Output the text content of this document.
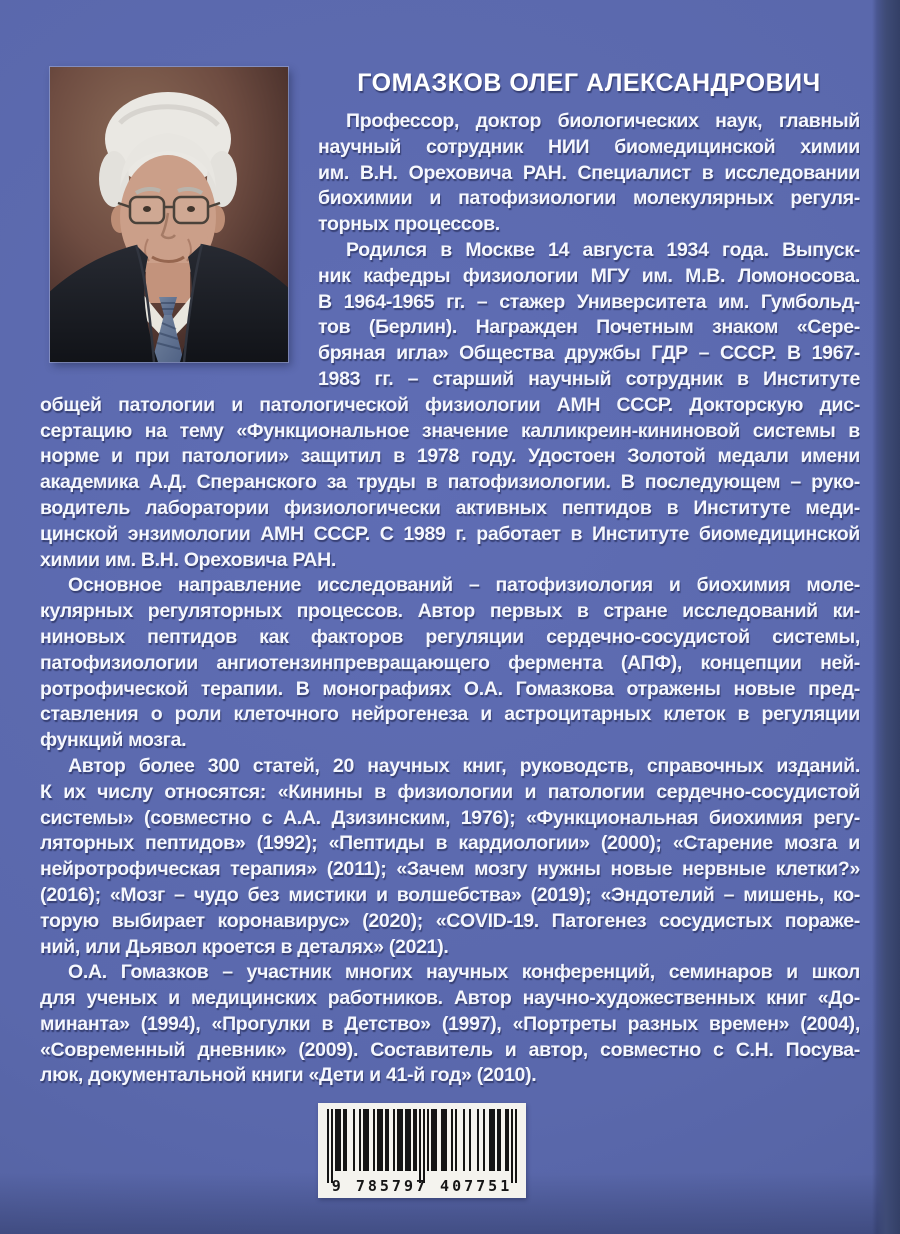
ГОМАЗКОВ ОЛЕГ АЛЕКСАНДРОВИЧ
Профессор, доктор биологических наук, главный
научный сотрудник НИИ биомедицинской химии
им. В.Н. Ореховича РАН. Специалист в исследовании
биохимии и патофизиологии молекулярных регуля-
торных процессов.
Родился в Москве 14 августа 1934 года. Выпуск-
ник кафедры физиологии МГУ им. М.В. Ломоносова.
В 1964-1965 гг. – стажер Университета им. Гумбольд-
тов (Берлин). Награжден Почетным знаком «Сере-
бряная игла» Общества дружбы ГДР – СССР. В 1967-
1983 гг. – старший научный сотрудник в Институте
общей патологии и патологической физиологии АМН СССР. Докторскую дис-
сертацию на тему «Функциональное значение калликреин-кининовой системы в
норме и при патологии» защитил в 1978 году. Удостоен Золотой медали имени
академика А.Д. Сперанского за труды в патофизиологии. В последующем – руко-
водитель лаборатории физиологически активных пептидов в Институте меди-
цинской энзимологии АМН СССР. С 1989 г. работает в Институте биомедицинской
химии им. В.Н. Ореховича РАН.
Основное направление исследований – патофизиология и биохимия моле-
кулярных регуляторных процессов. Автор первых в стране исследований ки-
ниновых пептидов как факторов регуляции сердечно-сосудистой системы,
патофизиологии ангиотензинпревращающего фермента (АПФ), концепции ней-
ротрофической терапии. В монографиях О.А. Гомазкова отражены новые пред-
ставления о роли клеточного нейрогенеза и астроцитарных клеток в регуляции
функций мозга.
Автор более 300 статей, 20 научных книг, руководств, справочных изданий.
К их числу относятся: «Кинины в физиологии и патологии сердечно-сосудистой
системы» (совместно с А.А. Дзизинским, 1976); «Функциональная биохимия регу-
ляторных пептидов» (1992); «Пептиды в кардиологии» (2000); «Старение мозга и
нейротрофическая терапия» (2011); «Зачем мозгу нужны новые нервные клетки?»
(2016); «Мозг – чудо без мистики и волшебства» (2019); «Эндотелий – мишень, ко-
торую выбирает коронавирус» (2020); «COVID-19. Патогенез сосудистых пораже-
ний, или Дьявол кроется в деталях» (2021).
О.А. Гомазков – участник многих научных конференций, семинаров и школ
для ученых и медицинских работников. Автор научно-художественных книг «До-
минанта» (1994), «Прогулки в Детство» (1997), «Портреты разных времен» (2004),
«Современный дневник» (2009). Составитель и автор, совместно с С.Н. Посува-
люк, документальной книги «Дети и 41-й год» (2010).
9 785797 407751
